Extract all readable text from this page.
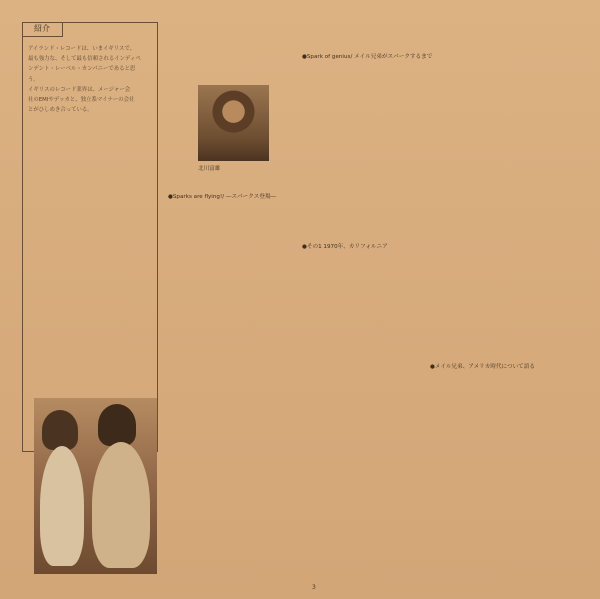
紹介
アイランド・レコードは、いまイギリスで、
最も強力な、そして最も信頼されるインディペ
ンデント・レーベル・カンパニーであると思
う。
イギリスのレコード業界は、メージャー会
社のEMIやデッカと、独立系マイナーの会社
とがひしめき合っている。
北川富雄
●Sparks are flying!/ ―スパークス登場―
●Spark of genius/ メイル兄弟がスパークするまで
●その1 1970年、カリフォルニア
●メイル兄弟、アメリカ時代について語る
3
